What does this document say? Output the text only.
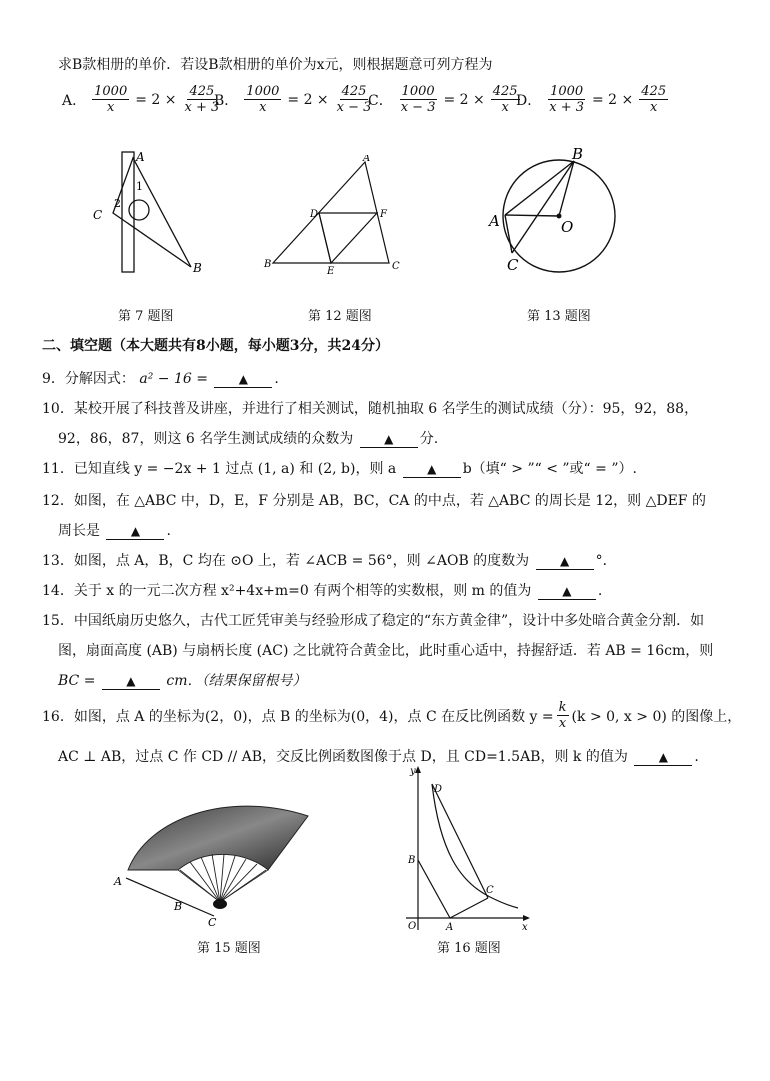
求B款相册的单价．若设B款相册的单价为x元，则根据题意可列方程为
A． $\frac{1000}{x} = 2 \times \frac{425}{x + 3}$
B． $\frac{1000}{x} = 2 \times \frac{425}{x - 3}$
C． $\frac{1000}{x - 3} = 2 \times \frac{425}{x}$
D． $\frac{1000}{x + 3} = 2 \times \frac{425}{x}$
A
B
C
1
2
第 7 题图
A
B	C
D	F
E
第 12 题图
B
A
C
O
第 13 题图
二、填空题（本大题共有8小题，每小题3分，共24分）
9．分解因式： a² − 16 =	▲ .
10．某校开展了科技普及讲座，并进行了相关测试，随机抽取 6 名学生的测试成绩（分）：95，92，88，
92，86，87，则这 6 名学生测试成绩的众数为	▲ 分.
11．已知直线 y = −2x + 1 过点 (1, a) 和 (2, b)，则 a	▲ b（填“ > ”“ < ”或“ = ”）.
12．如图，在 △ABC 中，D，E，F 分别是 AB，BC，CA 的中点，若 △ABC 的周长是 12，则 △DEF 的
周长是	▲ .
13．如图，点 A，B，C 均在 ⊙O 上，若 ∠ACB = 56°，则 ∠AOB 的度数为	▲ °．
14．关于 x 的一元二次方程 x²+4x+m=0 有两个相等的实数根，则 m 的值为	▲ .
15．中国纸扇历史悠久，古代工匠凭审美与经验形成了稳定的“东方黄金律”，设计中多处暗合黄金分割．如
图，扇面高度 (AB) 与扇柄长度 (AC) 之比就符合黄金比，此时重心适中，持握舒适．若 AB = 16cm，则
BC =	▲ cm．（结果保留根号）
16．如图，点 A 的坐标为(2，0)，点 B 的坐标为(0，4)，点 C 在反比例函数 $y = \frac{k}{x} (k > 0$, x > 0) 的图像上，
AC ⊥ AB，过点 C 作 CD // AB，交反比例函数图像于点 D，且 CD=1.5AB，则 k 的值为	▲ .
A
B
C
第 15 题图
y
x
O	A
B
C
D
第 16 题图
